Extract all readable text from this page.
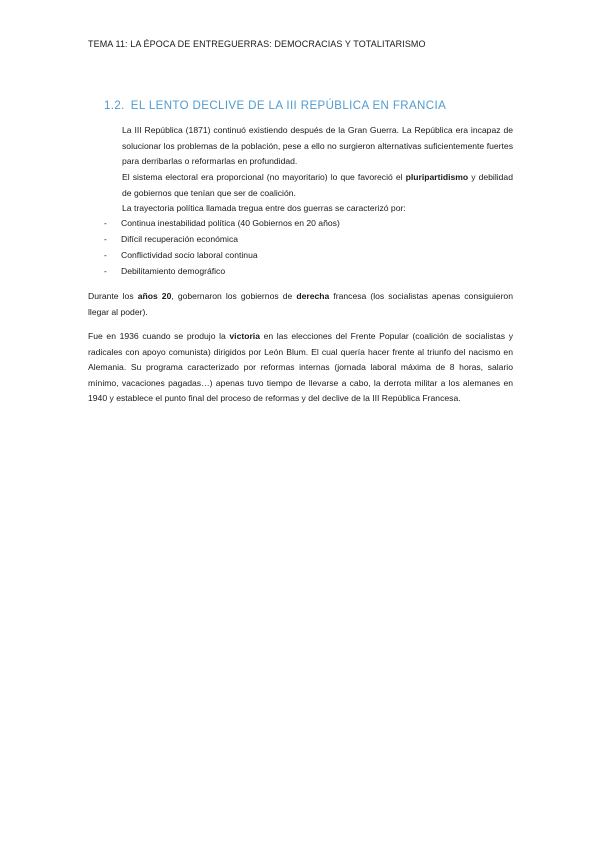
TEMA 11: LA ÉPOCA DE ENTREGUERRAS: DEMOCRACIAS Y TOTALITARISMO
1.2. EL LENTO DECLIVE DE LA III REPÚBLICA EN FRANCIA
La III República (1871) continuó existiendo después de la Gran Guerra. La República era incapaz de solucionar los problemas de la población, pese a ello no surgieron alternativas suficientemente fuertes para derribarlas o reformarlas en profundidad.
El sistema electoral era proporcional (no mayoritario) lo que favoreció el pluripartidismo y debilidad de gobiernos que tenían que ser de coalición.
La trayectoria política llamada tregua entre dos guerras se caracterizó por:
- Continua inestabilidad política (40 Gobiernos en 20 años)
- Difícil recuperación económica
- Conflictividad socio laboral continua
- Debilitamiento demográfico
Durante los años 20, gobernaron los gobiernos de derecha francesa (los socialistas apenas consiguieron llegar al poder).
Fue en 1936 cuando se produjo la victoria en las elecciones del Frente Popular (coalición de socialistas y radicales con apoyo comunista) dirigidos por León Blum. El cual quería hacer frente al triunfo del nacismo en Alemania. Su programa caracterizado por reformas internas (jornada laboral máxima de 8 horas, salario mínimo, vacaciones pagadas…) apenas tuvo tiempo de llevarse a cabo, la derrota militar a los alemanes en 1940 y establece el punto final del proceso de reformas y del declive de la III República Francesa.
